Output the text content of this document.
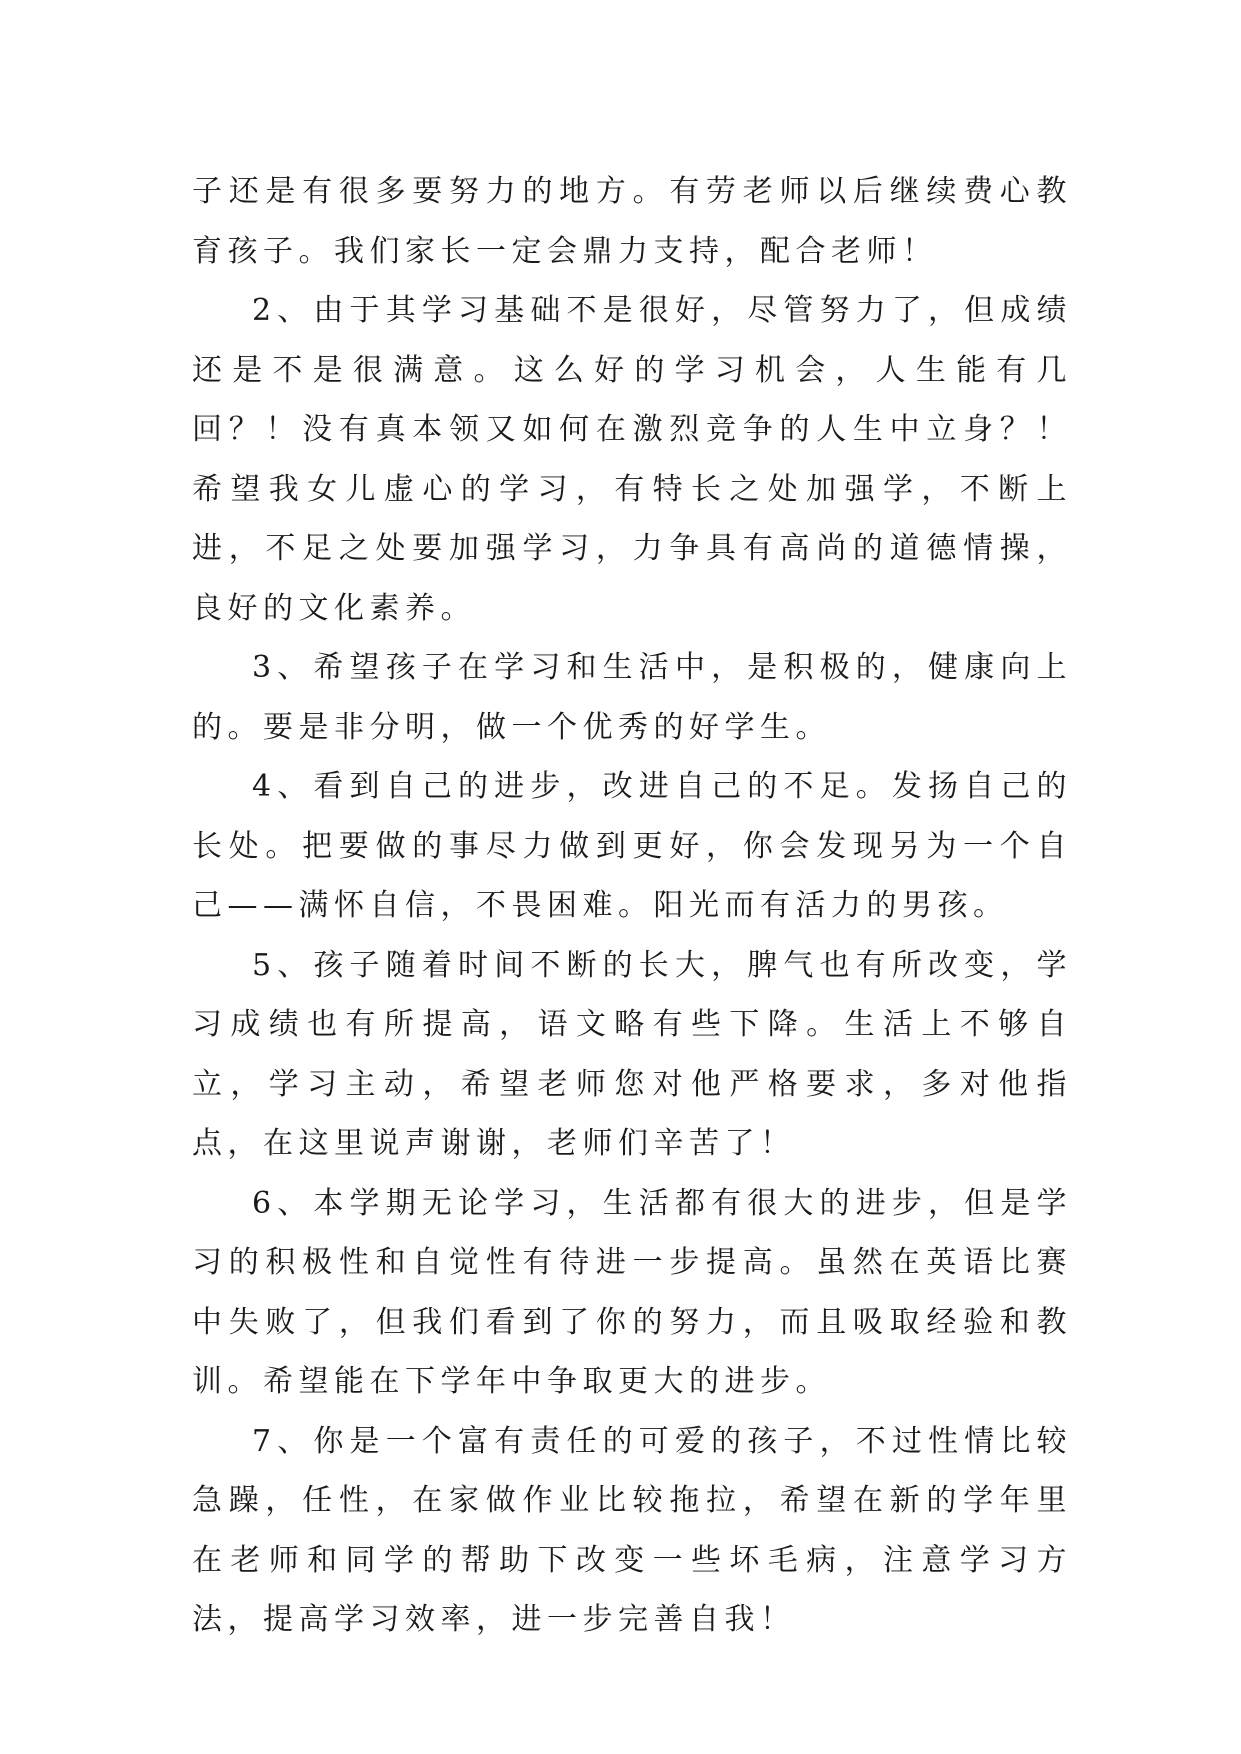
子还是有很多要努力的地方。有劳老师以后继续费心教育孩子。我们家长一定会鼎力支持，配合老师！

2、由于其学习基础不是很好，尽管努力了，但成绩还是不是很满意。这么好的学习机会，人生能有几回？！没有真本领又如何在激烈竞争的人生中立身？！希望我女儿虚心的学习，有特长之处加强学，不断上进，不足之处要加强学习，力争具有高尚的道德情操，良好的文化素养。

3、希望孩子在学习和生活中，是积极的，健康向上的。要是非分明，做一个优秀的好学生。

4、看到自己的进步，改进自己的不足。发扬自己的长处。把要做的事尽力做到更好，你会发现另为一个自己——满怀自信，不畏困难。阳光而有活力的男孩。

5、孩子随着时间不断的长大，脾气也有所改变，学习成绩也有所提高，语文略有些下降。生活上不够自立，学习主动，希望老师您对他严格要求，多对他指点，在这里说声谢谢，老师们辛苦了！

6、本学期无论学习，生活都有很大的进步，但是学习的积极性和自觉性有待进一步提高。虽然在英语比赛中失败了，但我们看到了你的努力，而且吸取经验和教训。希望能在下学年中争取更大的进步。

7、你是一个富有责任的可爱的孩子，不过性情比较急躁，任性，在家做作业比较拖拉，希望在新的学年里在老师和同学的帮助下改变一些坏毛病，注意学习方法，提高学习效率，进一步完善自我！
